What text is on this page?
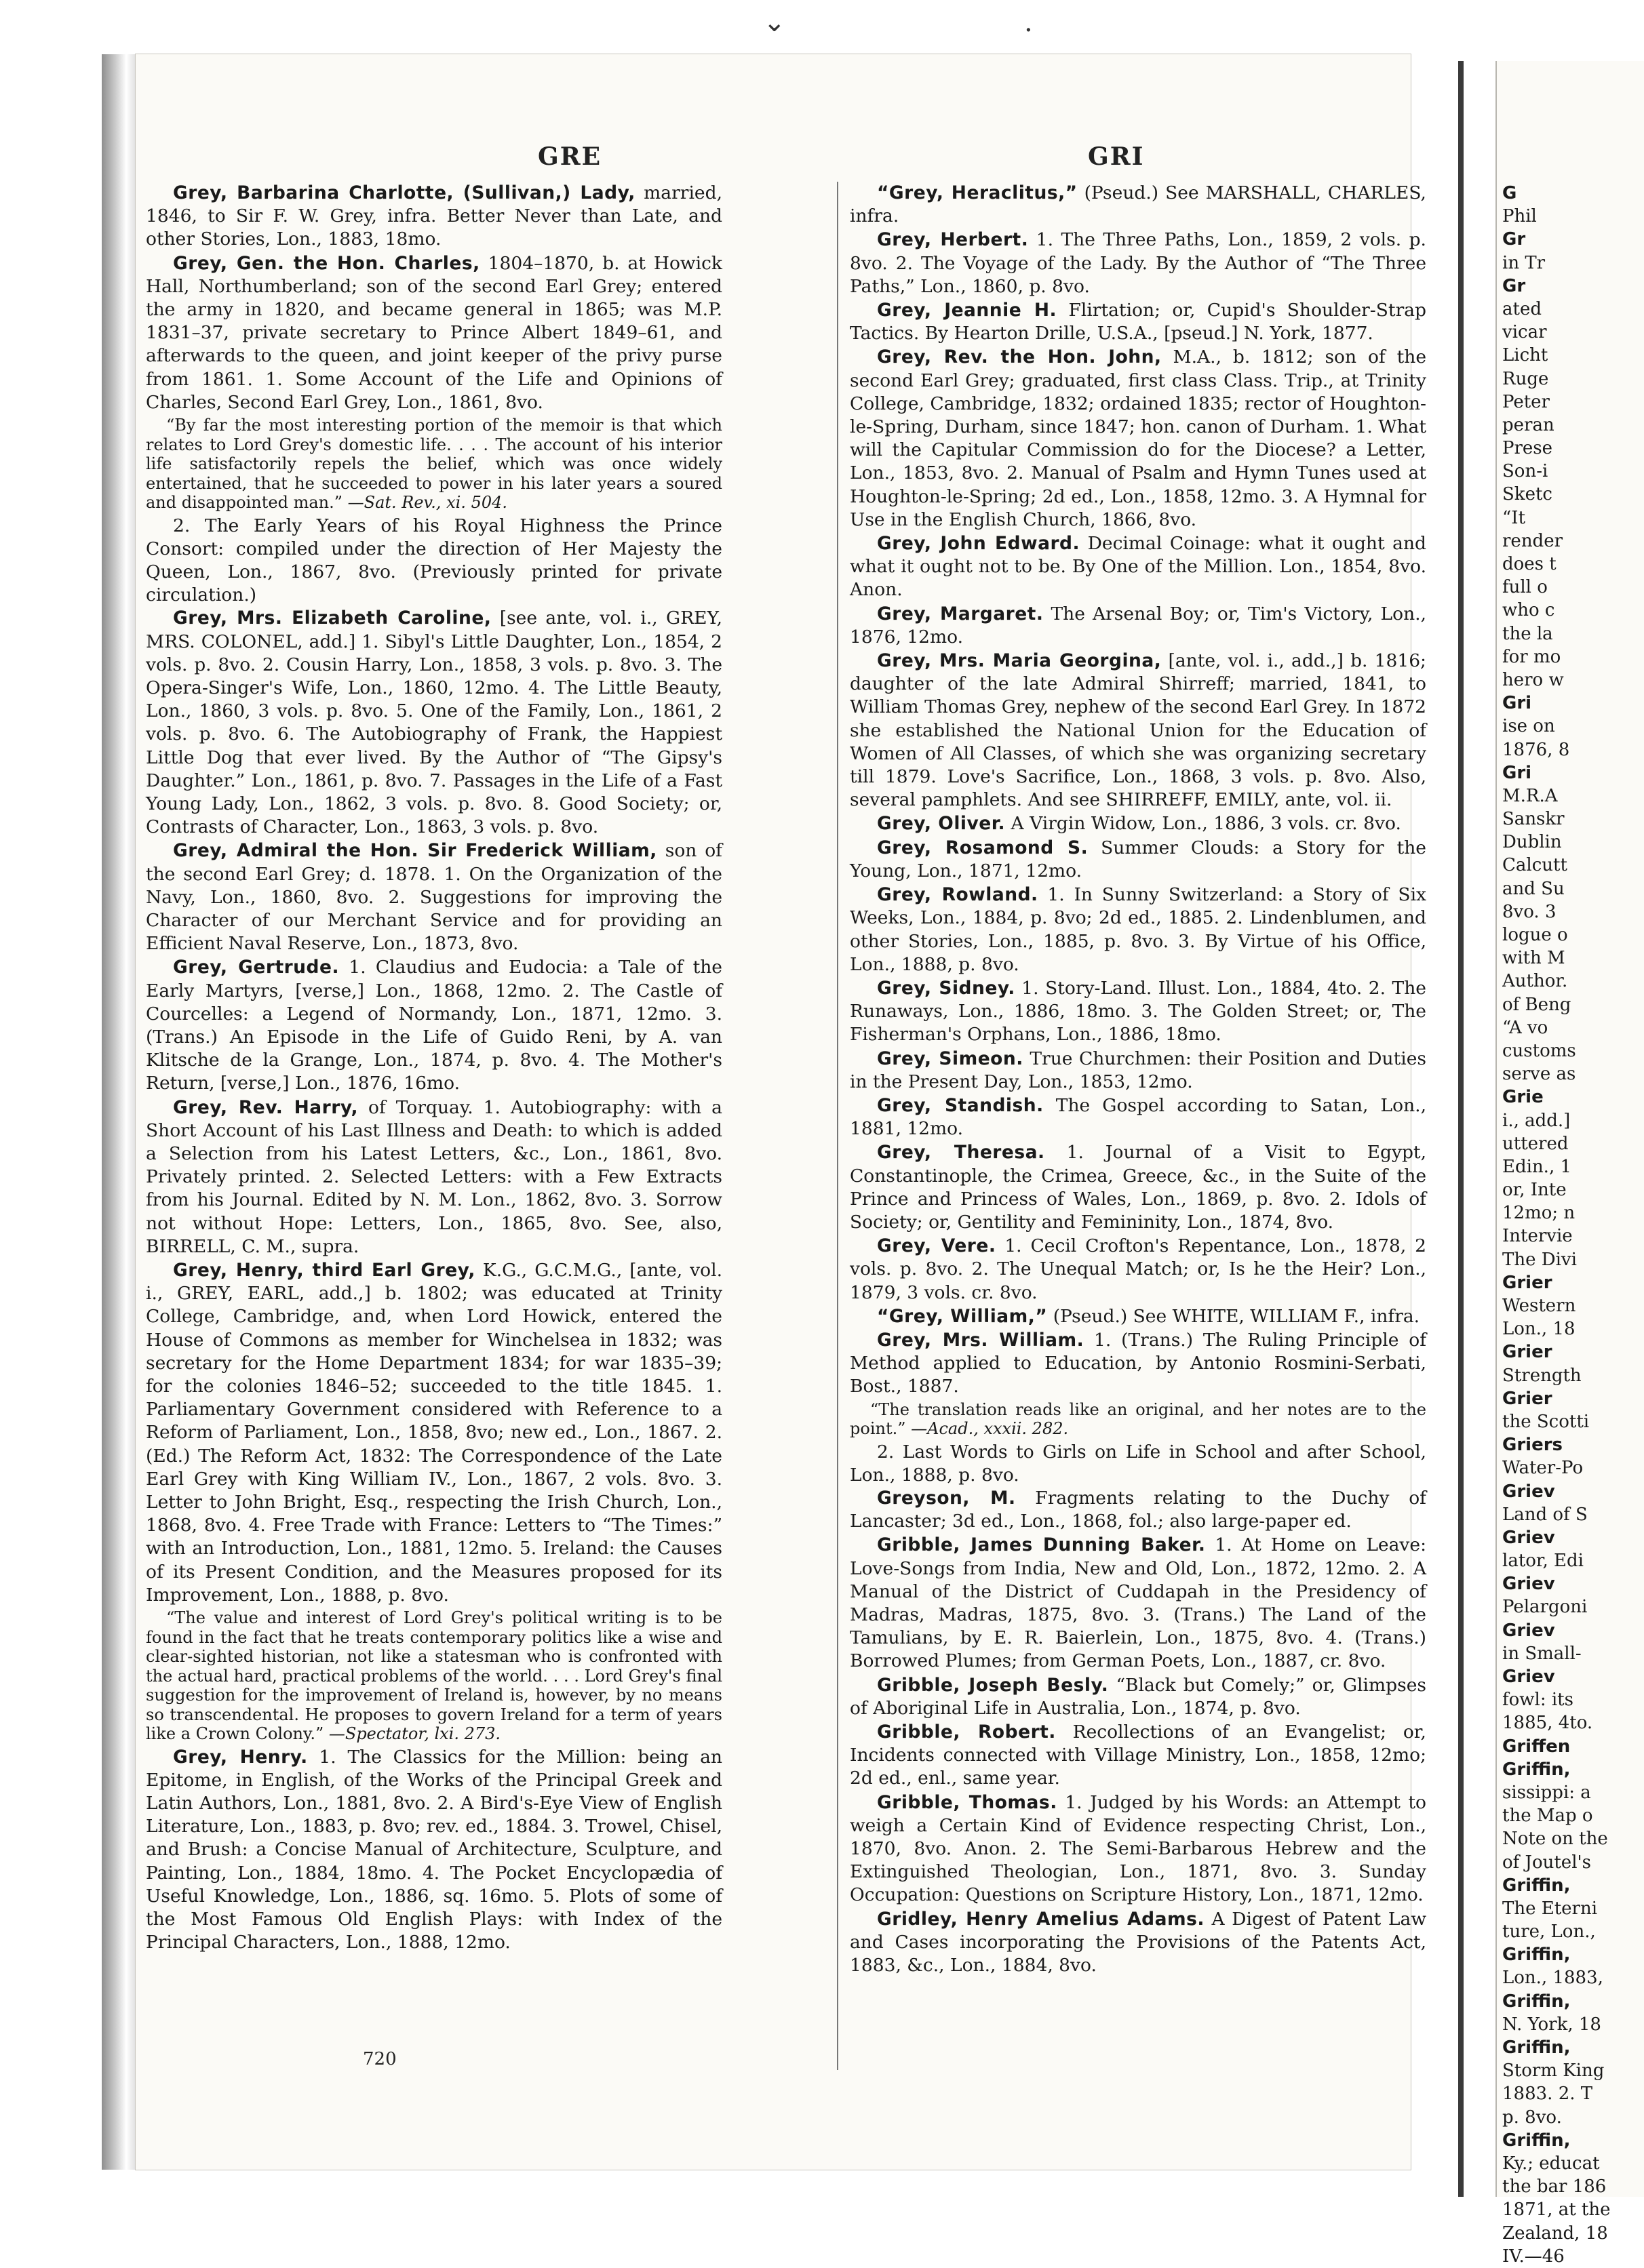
⌄	.
GRE	GRI

Grey, Barbarina Charlotte, (Sullivan,) Lady, married, 1846, to Sir F. W. Grey, infra. Better Never than Late, and other Stories, Lon., 1883, 18mo.

Grey, Gen. the Hon. Charles, 1804–1870, b. at Howick Hall, Northumberland; son of the second Earl Grey; entered the army in 1820, and became general in 1865; was M.P. 1831–37, private secretary to Prince Albert 1849–61, and afterwards to the queen, and joint keeper of the privy purse from 1861. 1. Some Account of the Life and Opinions of Charles, Second Earl Grey, Lon., 1861, 8vo.

“By far the most interesting portion of the memoir is that which relates to Lord Grey's domestic life. . . . The account of his interior life satisfactorily repels the belief, which was once widely entertained, that he succeeded to power in his later years a soured and disappointed man.” —Sat. Rev., xi. 504.

2. The Early Years of his Royal Highness the Prince Consort: compiled under the direction of Her Majesty the Queen, Lon., 1867, 8vo. (Previously printed for private circulation.)

Grey, Mrs. Elizabeth Caroline, [see ante, vol. i., GREY, MRS. COLONEL, add.] 1. Sibyl's Little Daughter, Lon., 1854, 2 vols. p. 8vo. 2. Cousin Harry, Lon., 1858, 3 vols. p. 8vo. 3. The Opera-Singer's Wife, Lon., 1860, 12mo. 4. The Little Beauty, Lon., 1860, 3 vols. p. 8vo. 5. One of the Family, Lon., 1861, 2 vols. p. 8vo. 6. The Autobiography of Frank, the Happiest Little Dog that ever lived. By the Author of “The Gipsy's Daughter.” Lon., 1861, p. 8vo. 7. Passages in the Life of a Fast Young Lady, Lon., 1862, 3 vols. p. 8vo. 8. Good Society; or, Contrasts of Character, Lon., 1863, 3 vols. p. 8vo.

Grey, Admiral the Hon. Sir Frederick William, son of the second Earl Grey; d. 1878. 1. On the Organization of the Navy, Lon., 1860, 8vo. 2. Suggestions for improving the Character of our Merchant Service and for providing an Efficient Naval Reserve, Lon., 1873, 8vo.

Grey, Gertrude. 1. Claudius and Eudocia: a Tale of the Early Martyrs, [verse,] Lon., 1868, 12mo. 2. The Castle of Courcelles: a Legend of Normandy, Lon., 1871, 12mo. 3. (Trans.) An Episode in the Life of Guido Reni, by A. van Klitsche de la Grange, Lon., 1874, p. 8vo. 4. The Mother's Return, [verse,] Lon., 1876, 16mo.

Grey, Rev. Harry, of Torquay. 1. Autobiography: with a Short Account of his Last Illness and Death: to which is added a Selection from his Latest Letters, &c., Lon., 1861, 8vo. Privately printed. 2. Selected Letters: with a Few Extracts from his Journal. Edited by N. M. Lon., 1862, 8vo. 3. Sorrow not without Hope: Letters, Lon., 1865, 8vo. See, also, BIRRELL, C. M., supra.

Grey, Henry, third Earl Grey, K.G., G.C.M.G., [ante, vol. i., GREY, EARL, add.,] b. 1802; was educated at Trinity College, Cambridge, and, when Lord Howick, entered the House of Commons as member for Winchelsea in 1832; was secretary for the Home Department 1834; for war 1835–39; for the colonies 1846–52; succeeded to the title 1845. 1. Parliamentary Government considered with Reference to a Reform of Parliament, Lon., 1858, 8vo; new ed., Lon., 1867. 2. (Ed.) The Reform Act, 1832: The Correspondence of the Late Earl Grey with King William IV., Lon., 1867, 2 vols. 8vo. 3. Letter to John Bright, Esq., respecting the Irish Church, Lon., 1868, 8vo. 4. Free Trade with France: Letters to “The Times:” with an Introduction, Lon., 1881, 12mo. 5. Ireland: the Causes of its Present Condition, and the Measures proposed for its Improvement, Lon., 1888, p. 8vo.

“The value and interest of Lord Grey's political writing is to be found in the fact that he treats contemporary politics like a wise and clear-sighted historian, not like a statesman who is confronted with the actual hard, practical problems of the world. . . . Lord Grey's final suggestion for the improvement of Ireland is, however, by no means so transcendental. He proposes to govern Ireland for a term of years like a Crown Colony.” —Spectator, lxi. 273.

Grey, Henry. 1. The Classics for the Million: being an Epitome, in English, of the Works of the Principal Greek and Latin Authors, Lon., 1881, 8vo. 2. A Bird's-Eye View of English Literature, Lon., 1883, p. 8vo; rev. ed., 1884. 3. Trowel, Chisel, and Brush: a Concise Manual of Architecture, Sculpture, and Painting, Lon., 1884, 18mo. 4. The Pocket Encyclopædia of Useful Knowledge, Lon., 1886, sq. 16mo. 5. Plots of some of the Most Famous Old English Plays: with Index of the Principal Characters, Lon., 1888, 12mo.

“Grey, Heraclitus,” (Pseud.) See MARSHALL, CHARLES, infra.

Grey, Herbert. 1. The Three Paths, Lon., 1859, 2 vols. p. 8vo. 2. The Voyage of the Lady. By the Author of “The Three Paths,” Lon., 1860, p. 8vo.

Grey, Jeannie H. Flirtation; or, Cupid's Shoulder-Strap Tactics. By Hearton Drille, U.S.A., [pseud.] N. York, 1877.

Grey, Rev. the Hon. John, M.A., b. 1812; son of the second Earl Grey; graduated, first class Class. Trip., at Trinity College, Cambridge, 1832; ordained 1835; rector of Houghton-le-Spring, Durham, since 1847; hon. canon of Durham. 1. What will the Capitular Commission do for the Diocese? a Letter, Lon., 1853, 8vo. 2. Manual of Psalm and Hymn Tunes used at Houghton-le-Spring; 2d ed., Lon., 1858, 12mo. 3. A Hymnal for Use in the English Church, 1866, 8vo.

Grey, John Edward. Decimal Coinage: what it ought and what it ought not to be. By One of the Million. Lon., 1854, 8vo. Anon.

Grey, Margaret. The Arsenal Boy; or, Tim's Victory, Lon., 1876, 12mo.

Grey, Mrs. Maria Georgina, [ante, vol. i., add.,] b. 1816; daughter of the late Admiral Shirreff; married, 1841, to William Thomas Grey, nephew of the second Earl Grey. In 1872 she established the National Union for the Education of Women of All Classes, of which she was organizing secretary till 1879. Love's Sacrifice, Lon., 1868, 3 vols. p. 8vo. Also, several pamphlets. And see SHIRREFF, EMILY, ante, vol. ii.

Grey, Oliver. A Virgin Widow, Lon., 1886, 3 vols. cr. 8vo.

Grey, Rosamond S. Summer Clouds: a Story for the Young, Lon., 1871, 12mo.

Grey, Rowland. 1. In Sunny Switzerland: a Story of Six Weeks, Lon., 1884, p. 8vo; 2d ed., 1885. 2. Lindenblumen, and other Stories, Lon., 1885, p. 8vo. 3. By Virtue of his Office, Lon., 1888, p. 8vo.

Grey, Sidney. 1. Story-Land. Illust. Lon., 1884, 4to. 2. The Runaways, Lon., 1886, 18mo. 3. The Golden Street; or, The Fisherman's Orphans, Lon., 1886, 18mo.

Grey, Simeon. True Churchmen: their Position and Duties in the Present Day, Lon., 1853, 12mo.

Grey, Standish. The Gospel according to Satan, Lon., 1881, 12mo.

Grey, Theresa. 1. Journal of a Visit to Egypt, Constantinople, the Crimea, Greece, &c., in the Suite of the Prince and Princess of Wales, Lon., 1869, p. 8vo. 2. Idols of Society; or, Gentility and Femininity, Lon., 1874, 8vo.

Grey, Vere. 1. Cecil Crofton's Repentance, Lon., 1878, 2 vols. p. 8vo. 2. The Unequal Match; or, Is he the Heir? Lon., 1879, 3 vols. cr. 8vo.

“Grey, William,” (Pseud.) See WHITE, WILLIAM F., infra.

Grey, Mrs. William. 1. (Trans.) The Ruling Principle of Method applied to Education, by Antonio Rosmini-Serbati, Bost., 1887.

“The translation reads like an original, and her notes are to the point.” —Acad., xxxii. 282.

2. Last Words to Girls on Life in School and after School, Lon., 1888, p. 8vo.

Greyson, M. Fragments relating to the Duchy of Lancaster; 3d ed., Lon., 1868, fol.; also large-paper ed.

Gribble, James Dunning Baker. 1. At Home on Leave: Love-Songs from India, New and Old, Lon., 1872, 12mo. 2. A Manual of the District of Cuddapah in the Presidency of Madras, Madras, 1875, 8vo. 3. (Trans.) The Land of the Tamulians, by E. R. Baierlein, Lon., 1875, 8vo. 4. (Trans.) Borrowed Plumes; from German Poets, Lon., 1887, cr. 8vo.

Gribble, Joseph Besly. “Black but Comely;” or, Glimpses of Aboriginal Life in Australia, Lon., 1874, p. 8vo.

Gribble, Robert. Recollections of an Evangelist; or, Incidents connected with Village Ministry, Lon., 1858, 12mo; 2d ed., enl., same year.

Gribble, Thomas. 1. Judged by his Words: an Attempt to weigh a Certain Kind of Evidence respecting Christ, Lon., 1870, 8vo. Anon. 2. The Semi-Barbarous Hebrew and the Extinguished Theologian, Lon., 1871, 8vo. 3. Sunday Occupation: Questions on Scripture History, Lon., 1871, 12mo.

Gridley, Henry Amelius Adams. A Digest of Patent Law and Cases incorporating the Provisions of the Patents Act, 1883, &c., Lon., 1884, 8vo.

720
G
Phil
Gr
in Tr
Gr
ated
vicar
Licht
Ruge
Peter
peran
Prese
Son-i
Sketc
“It
render
does t
full o
who c
the la
for mo
hero w
Gri
ise on
1876, 8
Gri
M.R.A
Sanskr
Dublin
Calcutt
and Su
8vo. 3
logue o
with M
Author.
of Beng
“A vo
customs
serve as
Grie
i., add.]
uttered
Edin., 1
or, Inte
12mo; n
Intervie
The Divi
Grier
Western
Lon., 18
Grier
Strength
Grier
the Scotti
Griers
Water-Po
Griev
Land of S
Griev
lator, Edi
Griev
Pelargoni
Griev
in Small-
Griev
fowl: its
1885, 4to.
Griffen
Griffin,
sissippi: a
the Map o
Note on the
of Joutel's
Griffin,
The Eterni
ture, Lon.,
Griffin,
Lon., 1883,
Griffin,
N. York, 18
Griffin,
Storm King
1883. 2. T
p. 8vo.
Griffin,
Ky.; educat
the bar 186
1871, at the
Zealand, 18
IV.—46
